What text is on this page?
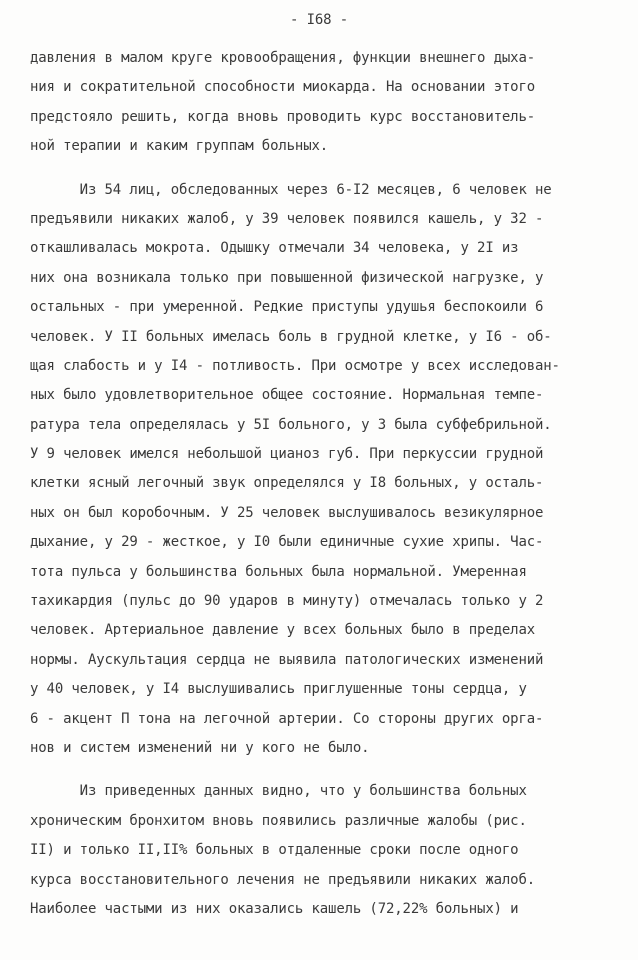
- I68 -
давления в малом круге кровообращения, функции внешнего дыха-
ния и сократительной способности миокарда. На основании этого
предстояло решить, когда вновь проводить курс восстановитель-
ной терапии и каким группам больных.
Из 54 лиц, обследованных через 6-I2 месяцев, 6 человек не
предъявили никаких жалоб, у 39 человек появился кашель, у 32 -
откашливалась мокрота. Одышку отмечали 34 человека, у 2I из
них она возникала только при повышенной физической нагрузке, у
остальных - при умеренной. Редкие приступы удушья беспокоили 6
человек. У II больных имелась боль в грудной клетке, у I6 - об-
щая слабость и у I4 - потливость. При осмотре у всех исследован-
ных было удовлетворительное общее состояние. Нормальная темпе-
ратура тела определялась у 5I больного, у 3 была субфебрильной.
У 9 человек имелся небольшой цианоз губ. При перкуссии грудной
клетки ясный легочный звук определялся у I8 больных, у осталь-
ных он был коробочным. У 25 человек выслушивалось везикулярное
дыхание, у 29 - жесткое, у I0 были единичные сухие хрипы. Час-
тота пульса у большинства больных была нормальной. Умеренная
тахикардия (пульс до 90 ударов в минуту) отмечалась только у 2
человек. Артериальное давление у всех больных было в пределах
нормы. Аускультация сердца не выявила патологических изменений
у 40 человек, у I4 выслушивались приглушенные тоны сердца, у
6 - акцент П тона на легочной артерии. Со стороны других орга-
нов и систем изменений ни у кого не было.
Из приведенных данных видно, что у большинства больных
хроническим бронхитом вновь появились различные жалобы (рис.
II) и только II,II% больных в отдаленные сроки после одного
курса восстановительного лечения не предъявили никаких жалоб.
Наиболее частыми из них оказались кашель (72,22% больных) и
